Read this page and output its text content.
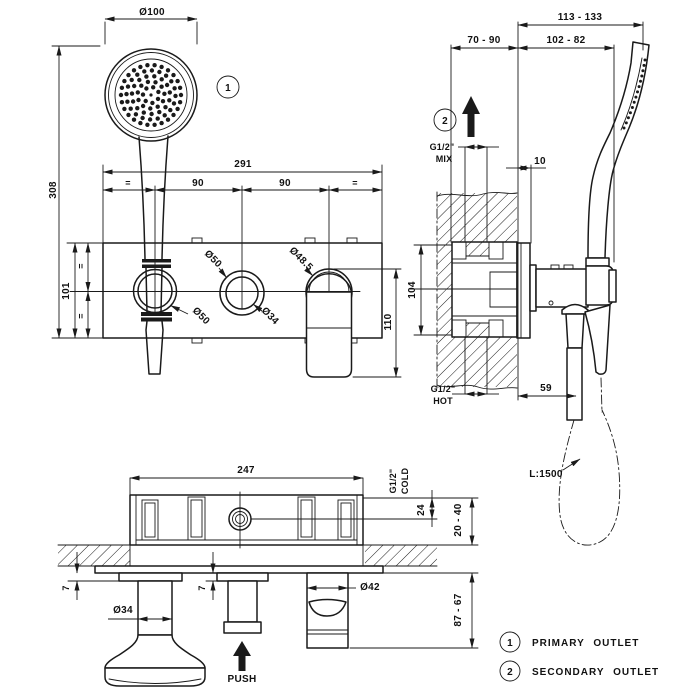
Ø100
308
291
=	90	90	=
101
=
=
Ø50
Ø50	Ø34
Ø48.5
110
1
113 - 133
70 - 90	102 - 82
10
104
G1/2"
MIX
G1/2"
HOT
59
L:1500
2
PUSH
247	G1/2" COLD
24	20 - 40
87 - 67
Ø34
Ø42
7	7
1 PRIMARY OUTLET
2 SECONDARY OUTLET
